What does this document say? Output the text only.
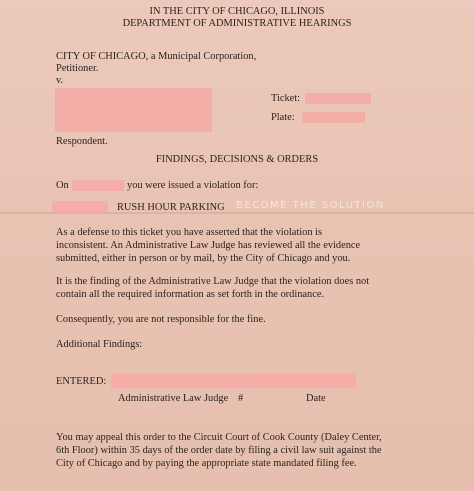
IN THE CITY OF CHICAGO, ILLINOIS
DEPARTMENT OF ADMINISTRATIVE HEARINGS
CITY OF CHICAGO, a Municipal Corporation,
Petitioner.
v.
Ticket:
Plate:
Respondent.
FINDINGS, DECISIONS & ORDERS
On	you were issued a violation for:
RUSH HOUR PARKING BECOME THE SOLUTION
As a defense to this ticket you have asserted that the violation is
inconsistent. An Administrative Law Judge has reviewed all the evidence
submitted, either in person or by mail, by the City of Chicago and you.
It is the finding of the Administrative Law Judge that the violation does not
contain all the required information as set forth in the ordinance.
Consequently, you are not responsible for the fine.
Additional Findings:
ENTERED:
Administrative Law Judge #	Date
You may appeal this order to the Circuit Court of Cook County (Daley Center,
6th Floor) within 35 days of the order date by filing a civil law suit against the
City of Chicago and by paying the appropriate state mandated filing fee.
